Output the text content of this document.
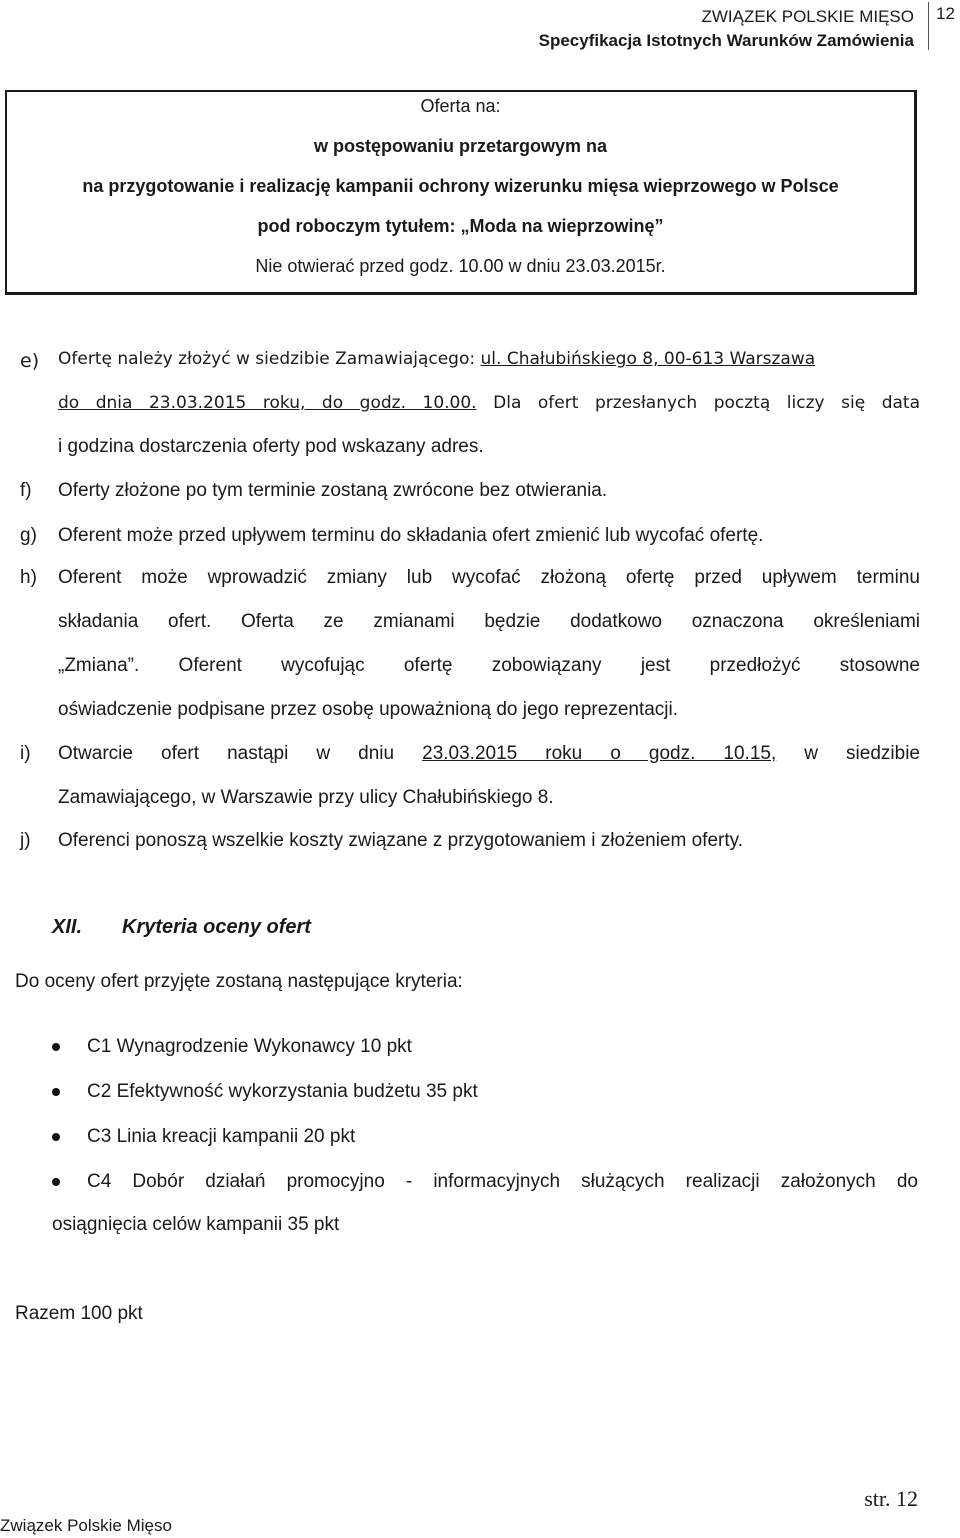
ZWIĄZEK POLSKIE MIĘSO
Specyfikacja Istotnych Warunków Zamówienia
12
Oferta na:
w postępowaniu przetargowym na
na przygotowanie i realizację kampanii ochrony wizerunku mięsa wieprzowego w Polsce
pod roboczym tytułem: „Moda na wieprzowinę”
Nie otwierać przed godz. 10.00 w dniu 23.03.2015r.
e) Ofertę należy złożyć w siedzibie Zamawiającego: ul. Chałubińskiego 8, 00-613 Warszawa
do dnia 23.03.2015 roku, do godz. 10.00. Dla ofert przesłanych pocztą liczy się data
i godzina dostarczenia oferty pod wskazany adres.
f) Oferty złożone po tym terminie zostaną zwrócone bez otwierania.
g) Oferent może przed upływem terminu do składania ofert zmienić lub wycofać ofertę.
h) Oferent może wprowadzić zmiany lub wycofać złożoną ofertę przed upływem terminu
składania ofert. Oferta ze zmianami będzie dodatkowo oznaczona określeniami
„Zmiana”. Oferent wycofując ofertę zobowiązany jest przedłożyć stosowne
oświadczenie podpisane przez osobę upoważnioną do jego reprezentacji.
i) Otwarcie ofert nastąpi w dniu 23.03.2015 roku o godz. 10.15, w siedzibie
Zamawiającego, w Warszawie przy ulicy Chałubińskiego 8.
j) Oferenci ponoszą wszelkie koszty związane z przygotowaniem i złożeniem oferty.
XII. Kryteria oceny ofert
Do oceny ofert przyjęte zostaną następujące kryteria:
C1 Wynagrodzenie Wykonawcy 10 pkt
C2 Efektywność wykorzystania budżetu 35 pkt
C3 Linia kreacji kampanii 20 pkt
C4 Dobór działań promocyjno - informacyjnych służących realizacji założonych do
osiągnięcia celów kampanii 35 pkt
Razem 100 pkt
str. 12
Związek Polskie Mięso
